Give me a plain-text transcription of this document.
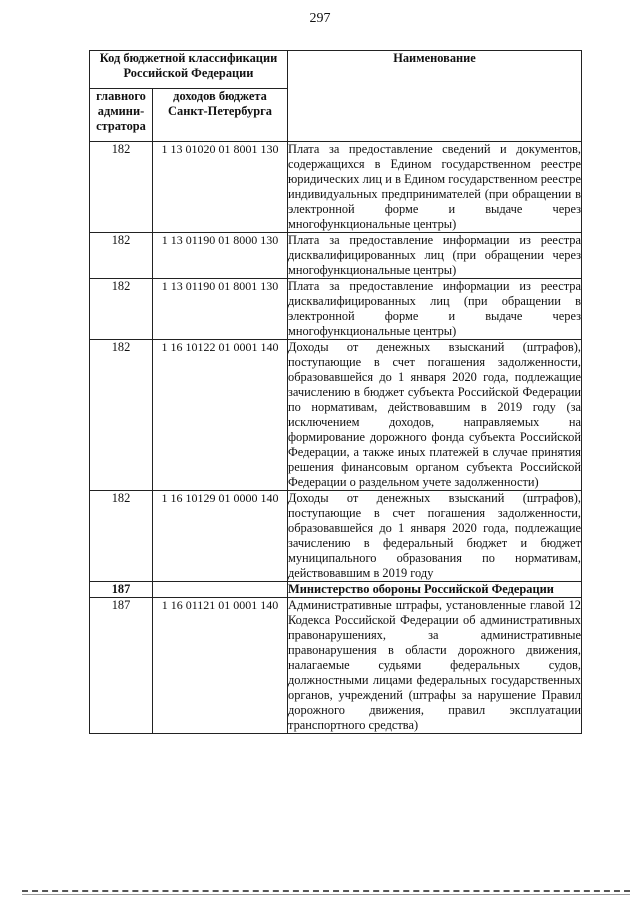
297
Код бюджетной классификации Российской Федерации		Наименование
главного админи-стратора	доходов бюджета Санкт-Петербурга	
182	1 13 01020 01 8001 130	Плата за предоставление сведений и документов, содержащихся в Едином государственном реестре юридических лиц и в Едином государственном реестре индивидуальных предпринимателей (при обращении в электронной форме и выдаче через многофункциональные центры)
182	1 13 01190 01 8000 130	Плата за предоставление информации из реестра дисквалифицированных лиц (при обращении через многофункциональные центры)
182	1 13 01190 01 8001 130	Плата за предоставление информации из реестра дисквалифицированных лиц (при обращении в электронной форме и выдаче через многофункциональные центры)
182	1 16 10122 01 0001 140	Доходы от денежных взысканий (штрафов), поступающие в счет погашения задолженности, образовавшейся до 1 января 2020 года, подлежащие зачислению в бюджет субъекта Российской Федерации по нормативам, действовавшим в 2019 году (за исключением доходов, направляемых на формирование дорожного фонда субъекта Российской Федерации, а также иных платежей в случае принятия решения финансовым органом субъекта Российской Федерации о раздельном учете задолженности)
182	1 16 10129 01 0000 140	Доходы от денежных взысканий (штрафов), поступающие в счет погашения задолженности, образовавшейся до 1 января 2020 года, подлежащие зачислению в федеральный бюджет и бюджет муниципального образования по нормативам, действовавшим в 2019 году
187		Министерство обороны Российской Федерации
187	1 16 01121 01 0001 140	Административные штрафы, установленные главой 12 Кодекса Российской Федерации об административных правонарушениях, за административные правонарушения в области дорожного движения, налагаемые судьями федеральных судов, должностными лицами федеральных государственных органов, учреждений (штрафы за нарушение Правил дорожного движения, правил эксплуатации транспортного средства)
